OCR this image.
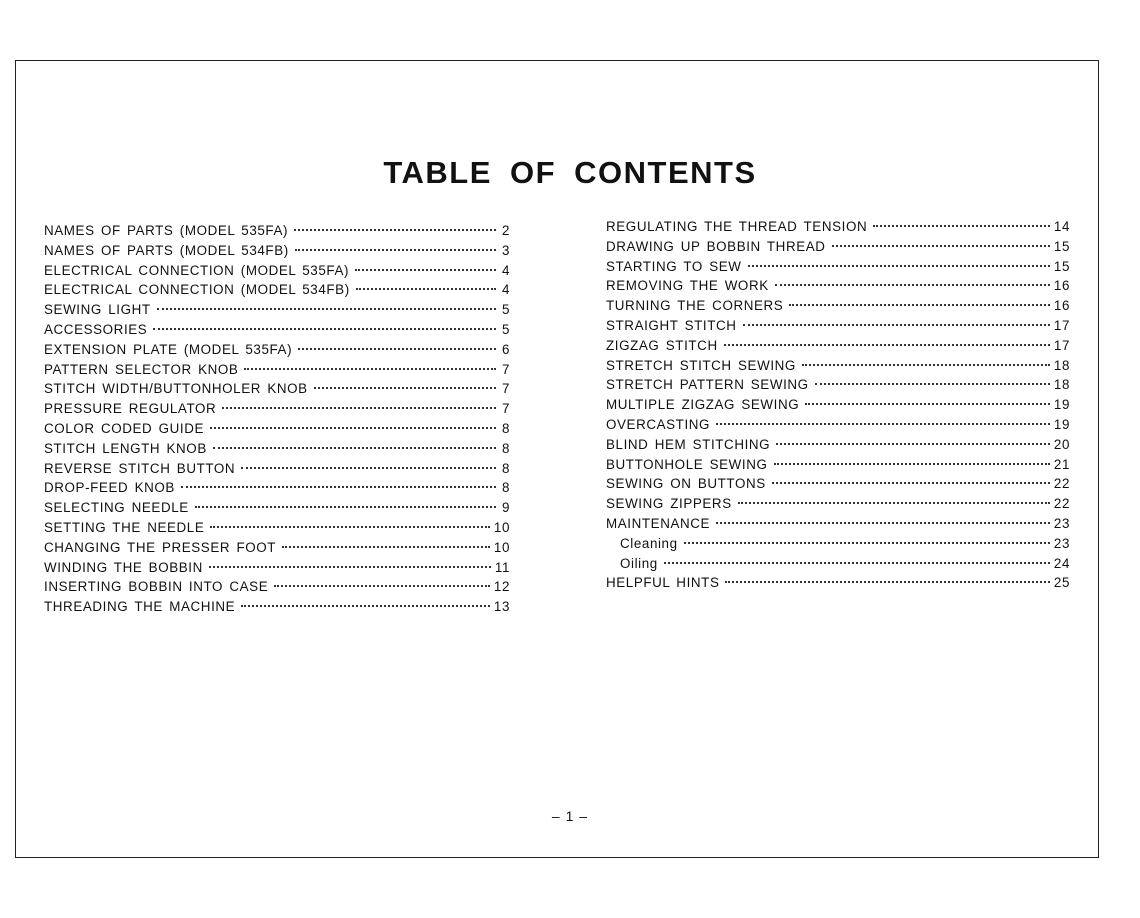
TABLE OF CONTENTS
NAMES OF PARTS (MODEL 535FA)	2
NAMES OF PARTS (MODEL 534FB)	3
ELECTRICAL CONNECTION (MODEL 535FA)	4
ELECTRICAL CONNECTION (MODEL 534FB)	4
SEWING LIGHT	5
ACCESSORIES	5
EXTENSION PLATE (MODEL 535FA)	6
PATTERN SELECTOR KNOB	7
STITCH WIDTH/BUTTONHOLER KNOB	7
PRESSURE REGULATOR	7
COLOR CODED GUIDE	8
STITCH LENGTH KNOB	8
REVERSE STITCH BUTTON	8
DROP-FEED KNOB	8
SELECTING NEEDLE	9
SETTING THE NEEDLE	10
CHANGING THE PRESSER FOOT	10
WINDING THE BOBBIN	11
INSERTING BOBBIN INTO CASE	12
THREADING THE MACHINE	13
REGULATING THE THREAD TENSION	14
DRAWING UP BOBBIN THREAD	15
STARTING TO SEW	15
REMOVING THE WORK	16
TURNING THE CORNERS	16
STRAIGHT STITCH	17
ZIGZAG STITCH	17
STRETCH STITCH SEWING	18
STRETCH PATTERN SEWING	18
MULTIPLE ZIGZAG SEWING	19
OVERCASTING	19
BLIND HEM STITCHING	20
BUTTONHOLE SEWING	21
SEWING ON BUTTONS	22
SEWING ZIPPERS	22
MAINTENANCE	23
Cleaning	23
Oiling	24
HELPFUL HINTS	25
– 1 –
